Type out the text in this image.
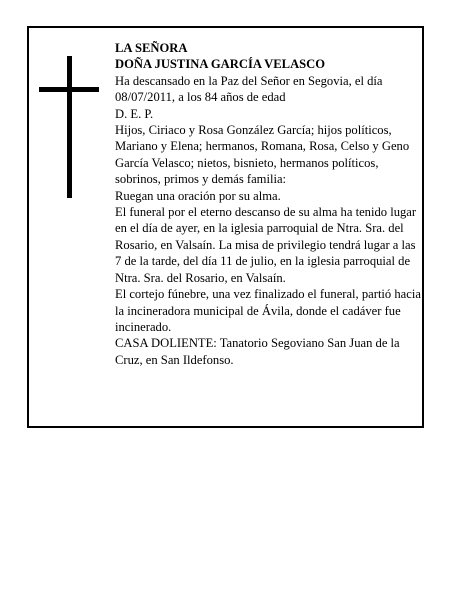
LA SEÑORA

DOÑA JUSTINA GARCÍA VELASCO

Ha descansado en la Paz del Señor en Segovia, el día 08/07/2011, a los 84 años de edad

D. E. P.

Hijos, Ciriaco y Rosa González García; hijos políticos, Mariano y Elena; hermanos, Romana, Rosa, Celso y Geno García Velasco; nietos, bisnieto, hermanos políticos, sobrinos, primos y demás familia:

Ruegan una oración por su alma.

El funeral por el eterno descanso de su alma ha tenido lugar en el día de ayer, en la iglesia parroquial de Ntra. Sra. del Rosario, en Valsaín. La misa de privilegio tendrá lugar a las 7 de la tarde, del día 11 de julio, en la iglesia parroquial de Ntra. Sra. del Rosario, en Valsaín.

El cortejo fúnebre, una vez finalizado el funeral, partió hacia la incineradora municipal de Ávila, donde el cadáver fue incinerado.

CASA DOLIENTE: Tanatorio Segoviano San Juan de la Cruz, en San Ildefonso.
